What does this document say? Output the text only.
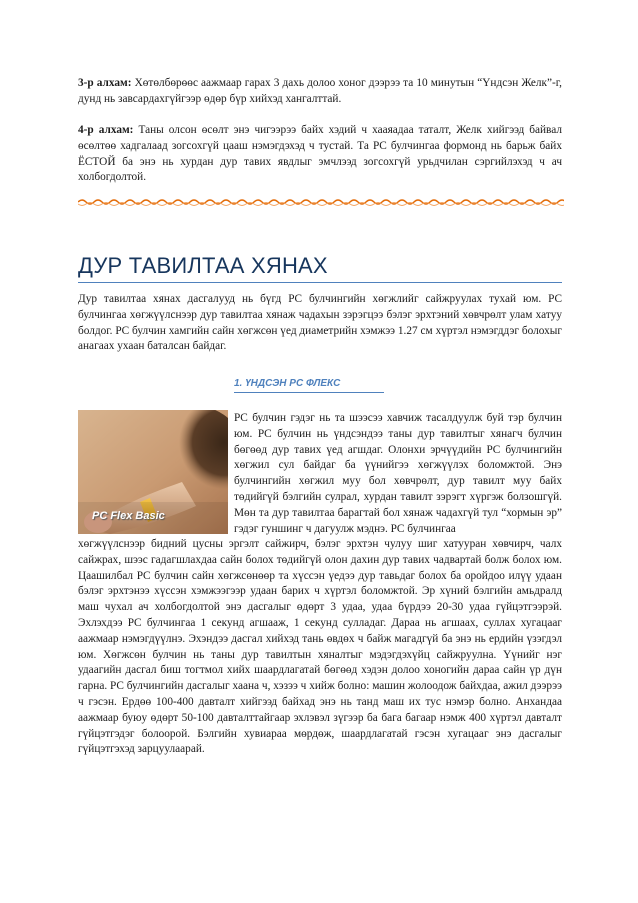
3-р алхам: Хөтөлбөрөөс аажмаар гарах 3 дахь долоо хоног дээрээ та 10 минутын “Үндсэн Желк”-г, дунд нь завсардахгүйгээр өдөр бүр хийхэд хангалттай.

4-р алхам: Таны олсон өсөлт энэ чигээрээ байх хэдий ч хааяадаа таталт, Желк хийгээд байвал өсөлтөө хадгалаад зогсохгүй цааш нэмэгдэхэд ч тустай. Та PC булчингаа формонд нь барьж байх ЁСТОЙ ба энэ нь хурдан дур тавих явдлыг эмчлээд зогсохгүй урьдчилан сэргийлэхэд ч ач холбогдолтой.

ДУР ТАВИЛТАА ХЯНАХ

Дур тавилтаа хянах дасгалууд нь бүгд PC булчингийн хөгжлийг сайжруулах тухай юм. PC булчингаа хөгжүүлснээр дур тавилтаа хянаж чадахын зэрэгцээ бэлэг эрхтэний хөвчрөлт улам хатуу болдог. PC булчин хамгийн сайн хөгжсөн үед диаметрийн хэмжээ 1.27 см хүртэл нэмэгддэг болохыг анагаах ухаан баталсан байдаг.

1. ҮНДСЭН PC ФЛЕКС
PC Flex Basic

PC булчин гэдэг нь та шээсээ хавчиж тасалдуулж буй тэр булчин юм. PC булчин нь үндсэндээ таны дур тавилтыг хянагч булчин бөгөөд дур тавих үед агшдаг. Олонхи эрчүүдийн PC булчингийн хөгжил сул байдаг ба үүнийгээ хөгжүүлэх боломжтой. Энэ булчингийн хөгжил муу бол хөвчрөлт, дур тавилт муу байх төдийгүй бэлгийн сулрал, хурдан тавилт зэрэгт хүргэж болзошгүй. Мөн та дур тавилтаа барагтай бол хянаж чадахгүй тул “хормын эр” гэдэг гуншинг ч дагуулж мэднэ. PC булчингаа

хөгжүүлснээр бидний цусны эргэлт сайжирч, бэлэг эрхтэн чулуу шиг хатууран хөвчирч, чалх сайжрах, шээс гадагшлахдаа сайн болох төдийгүй олон дахин дур тавих чадвартай болж болох юм. Цаашилбал PC булчин сайн хөгжсөнөөр та хүссэн үедээ дур тавьдаг болох ба оройдоо илүү удаан бэлэг эрхтэнээ хүссэн хэмжээгээр удаан барих ч хүртэл боломжтой. Эр хүний бэлгийн амьдралд маш чухал ач холбогдолтой энэ дасгалыг өдөрт 3 удаа, удаа бүрдээ 20-30 удаа гүйцэтгээрэй. Эхлэхдээ PC булчингаа 1 секунд агшааж, 1 секунд сулладаг. Дараа нь агшаах, суллах хугацааг аажмаар нэмэгдүүлнэ. Эхэндээ дасгал хийхэд тань өвдөх ч байж магадгүй ба энэ нь ердийн үзэгдэл юм. Хөгжсөн булчин нь таны дур тавилтын хяналтыг мэдэгдэхүйц сайжруулна. Үүнийг нэг удаагийн дасгал биш тогтмол хийх шаардлагатай бөгөөд хэдэн долоо хоногийн дараа сайн үр дүн гарна. PC булчингийн дасгалыг хаана ч, хэзээ ч хийж болно: машин жолоодож байхдаа, ажил дээрээ ч гэсэн. Ердөө 100-400 давталт хийгээд байхад энэ нь танд маш их тус нэмэр болно. Анхандаа аажмаар буюу өдөрт 50-100 давталттайгаар эхлэвэл зүгээр ба бага багаар нэмж 400 хүртэл давталт гүйцэтгэдэг болоорой. Бэлгийн хувиараа мөрдөж, шаардлагатай гэсэн хугацааг энэ дасгалыг гүйцэтгэхэд зарцуулаарай.
